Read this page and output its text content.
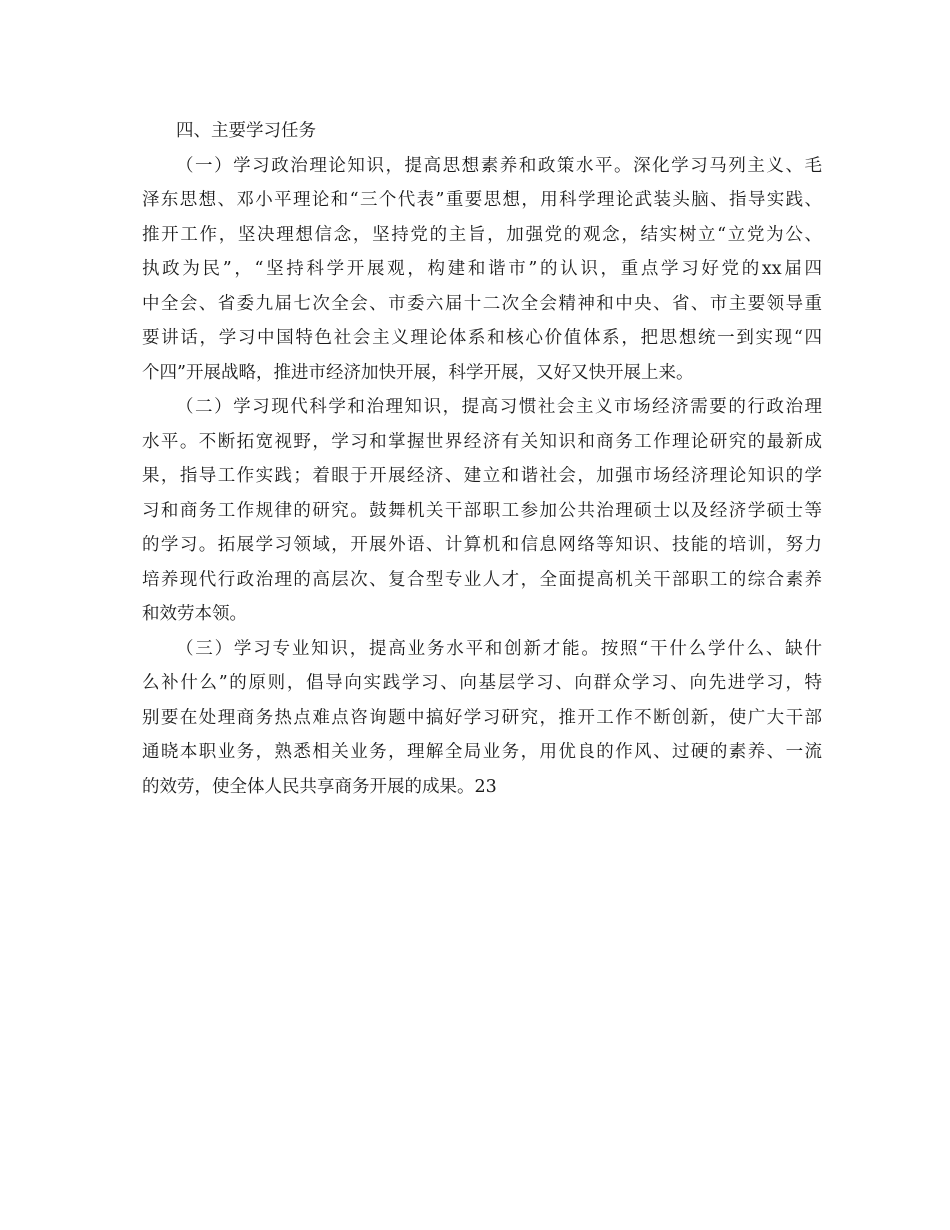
四、主要学习任务

（一）学习政治理论知识，提高思想素养和政策水平。深化学习马列主义、毛
泽东思想、邓小平理论和“三个代表”重要思想，用科学理论武装头脑、指导实践、
推开工作，坚决理想信念，坚持党的主旨，加强党的观念，结实树立“立党为公、
执政为民”，“坚持科学开展观，构建和谐市”的认识，重点学习好党的xx届四
中全会、省委九届七次全会、市委六届十二次全会精神和中央、省、市主要领导重
要讲话，学习中国特色社会主义理论体系和核心价值体系，把思想统一到实现“四
个四”开展战略，推进市经济加快开展，科学开展，又好又快开展上来。

（二）学习现代科学和治理知识，提高习惯社会主义市场经济需要的行政治理
水平。不断拓宽视野，学习和掌握世界经济有关知识和商务工作理论研究的最新成
果，指导工作实践；着眼于开展经济、建立和谐社会，加强市场经济理论知识的学
习和商务工作规律的研究。鼓舞机关干部职工参加公共治理硕士以及经济学硕士等
的学习。拓展学习领域，开展外语、计算机和信息网络等知识、技能的培训，努力
培养现代行政治理的高层次、复合型专业人才，全面提高机关干部职工的综合素养
和效劳本领。

（三）学习专业知识，提高业务水平和创新才能。按照“干什么学什么、缺什
么补什么”的原则，倡导向实践学习、向基层学习、向群众学习、向先进学习，特
别要在处理商务热点难点咨询题中搞好学习研究，推开工作不断创新，使广大干部
通晓本职业务，熟悉相关业务，理解全局业务，用优良的作风、过硬的素养、一流
的效劳，使全体人民共享商务开展的成果。23
